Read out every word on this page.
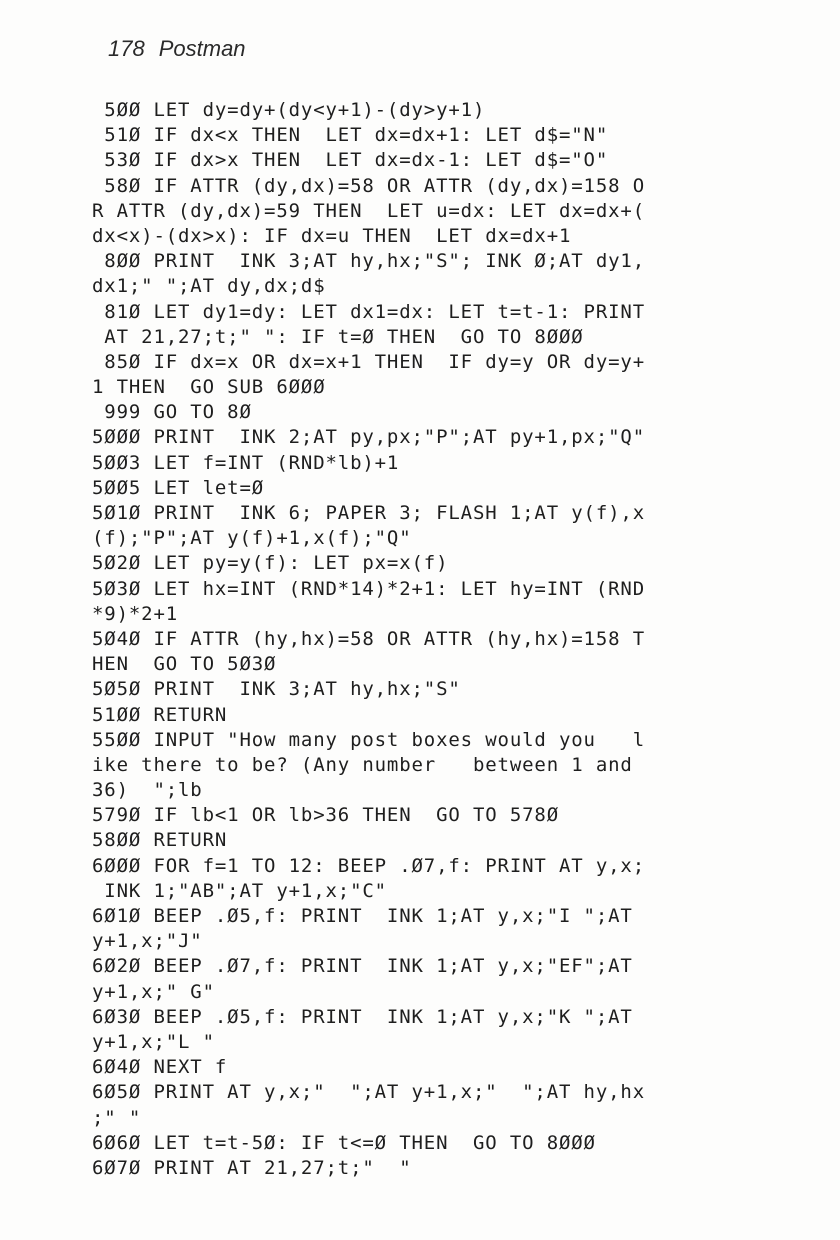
178 Postman
5ØØ LET dy=dy+(dy<y+1)-(dy>y+1)
51Ø IF dx<x THEN  LET dx=dx+1: LET d$="N"
53Ø IF dx>x THEN  LET dx=dx-1: LET d$="O"
58Ø IF ATTR (dy,dx)=58 OR ATTR (dy,dx)=158 O
R ATTR (dy,dx)=59 THEN  LET u=dx: LET dx=dx+(
dx<x)-(dx>x): IF dx=u THEN  LET dx=dx+1
8ØØ PRINT  INK 3;AT hy,hx;"S"; INK Ø;AT dy1,
dx1;" ";AT dy,dx;d$
81Ø LET dy1=dy: LET dx1=dx: LET t=t-1: PRINT
AT 21,27;t;" ": IF t=Ø THEN  GO TO 8ØØØ
85Ø IF dx=x OR dx=x+1 THEN  IF dy=y OR dy=y+
1 THEN  GO SUB 6ØØØ
999 GO TO 8Ø
5ØØØ PRINT  INK 2;AT py,px;"P";AT py+1,px;"Q"
5ØØ3 LET f=INT (RND*lb)+1
5ØØ5 LET let=Ø
5Ø1Ø PRINT  INK 6; PAPER 3; FLASH 1;AT y(f),x
(f);"P";AT y(f)+1,x(f);"Q"
5Ø2Ø LET py=y(f): LET px=x(f)
5Ø3Ø LET hx=INT (RND*14)*2+1: LET hy=INT (RND
*9)*2+1
5Ø4Ø IF ATTR (hy,hx)=58 OR ATTR (hy,hx)=158 T
HEN  GO TO 5Ø3Ø
5Ø5Ø PRINT  INK 3;AT hy,hx;"S"
51ØØ RETURN
55ØØ INPUT "How many post boxes would you   l
ike there to be? (Any number   between 1 and
36)  ";lb
579Ø IF lb<1 OR lb>36 THEN  GO TO 578Ø
58ØØ RETURN
6ØØØ FOR f=1 TO 12: BEEP .Ø7,f: PRINT AT y,x;
INK 1;"AB";AT y+1,x;"C"
6Ø1Ø BEEP .Ø5,f: PRINT  INK 1;AT y,x;"I ";AT
y+1,x;"J"
6Ø2Ø BEEP .Ø7,f: PRINT  INK 1;AT y,x;"EF";AT
y+1,x;" G"
6Ø3Ø BEEP .Ø5,f: PRINT  INK 1;AT y,x;"K ";AT
y+1,x;"L "
6Ø4Ø NEXT f
6Ø5Ø PRINT AT y,x;"  ";AT y+1,x;"  ";AT hy,hx
;" "
6Ø6Ø LET t=t-5Ø: IF t<=Ø THEN  GO TO 8ØØØ
6Ø7Ø PRINT AT 21,27;t;"  "
